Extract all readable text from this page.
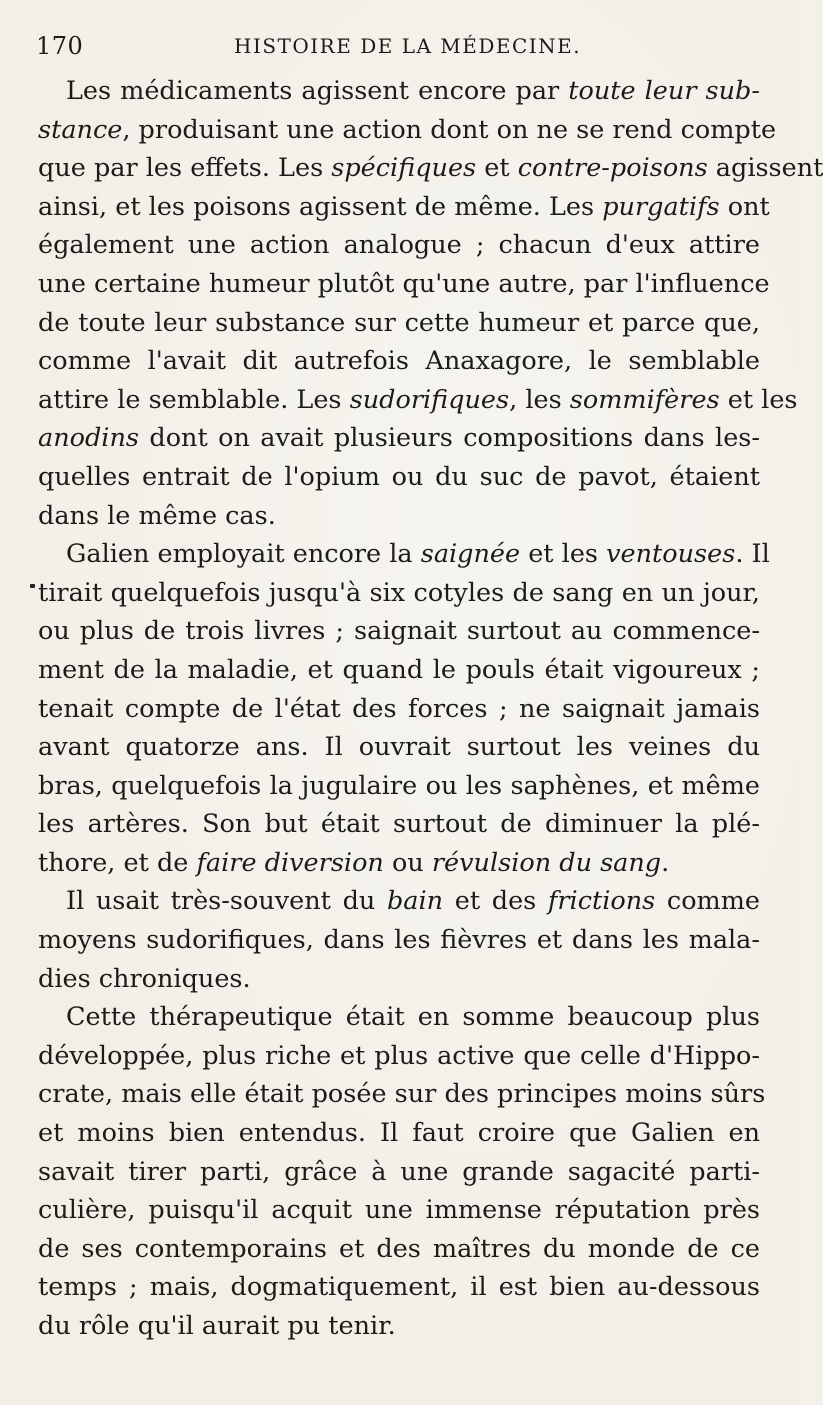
170	HISTOIRE DE LA MÉDECINE.
Les médicaments agissent encore par toute leur sub-
stance, produisant une action dont on ne se rend compte
que par les effets. Les spécifiques et contre-poisons agissent
ainsi, et les poisons agissent de même. Les purgatifs ont
également une action analogue ; chacun d'eux attire
une certaine humeur plutôt qu'une autre, par l'influence
de toute leur substance sur cette humeur et parce que,
comme l'avait dit autrefois Anaxagore, le semblable
attire le semblable. Les sudorifiques, les sommifères et les
anodins dont on avait plusieurs compositions dans les-
quelles entrait de l'opium ou du suc de pavot, étaient
dans le même cas.
Galien employait encore la saignée et les ventouses. Il
tirait quelquefois jusqu'à six cotyles de sang en un jour,
ou plus de trois livres ; saignait surtout au commence-
ment de la maladie, et quand le pouls était vigoureux ;
tenait compte de l'état des forces ; ne saignait jamais
avant quatorze ans. Il ouvrait surtout les veines du
bras, quelquefois la jugulaire ou les saphènes, et même
les artères. Son but était surtout de diminuer la plé-
thore, et de faire diversion ou révulsion du sang.
Il usait très-souvent du bain et des frictions comme
moyens sudorifiques, dans les fièvres et dans les mala-
dies chroniques.
Cette thérapeutique était en somme beaucoup plus
développée, plus riche et plus active que celle d'Hippo-
crate, mais elle était posée sur des principes moins sûrs
et moins bien entendus. Il faut croire que Galien en
savait tirer parti, grâce à une grande sagacité parti-
culière, puisqu'il acquit une immense réputation près
de ses contemporains et des maîtres du monde de ce
temps ; mais, dogmatiquement, il est bien au-dessous
du rôle qu'il aurait pu tenir.
